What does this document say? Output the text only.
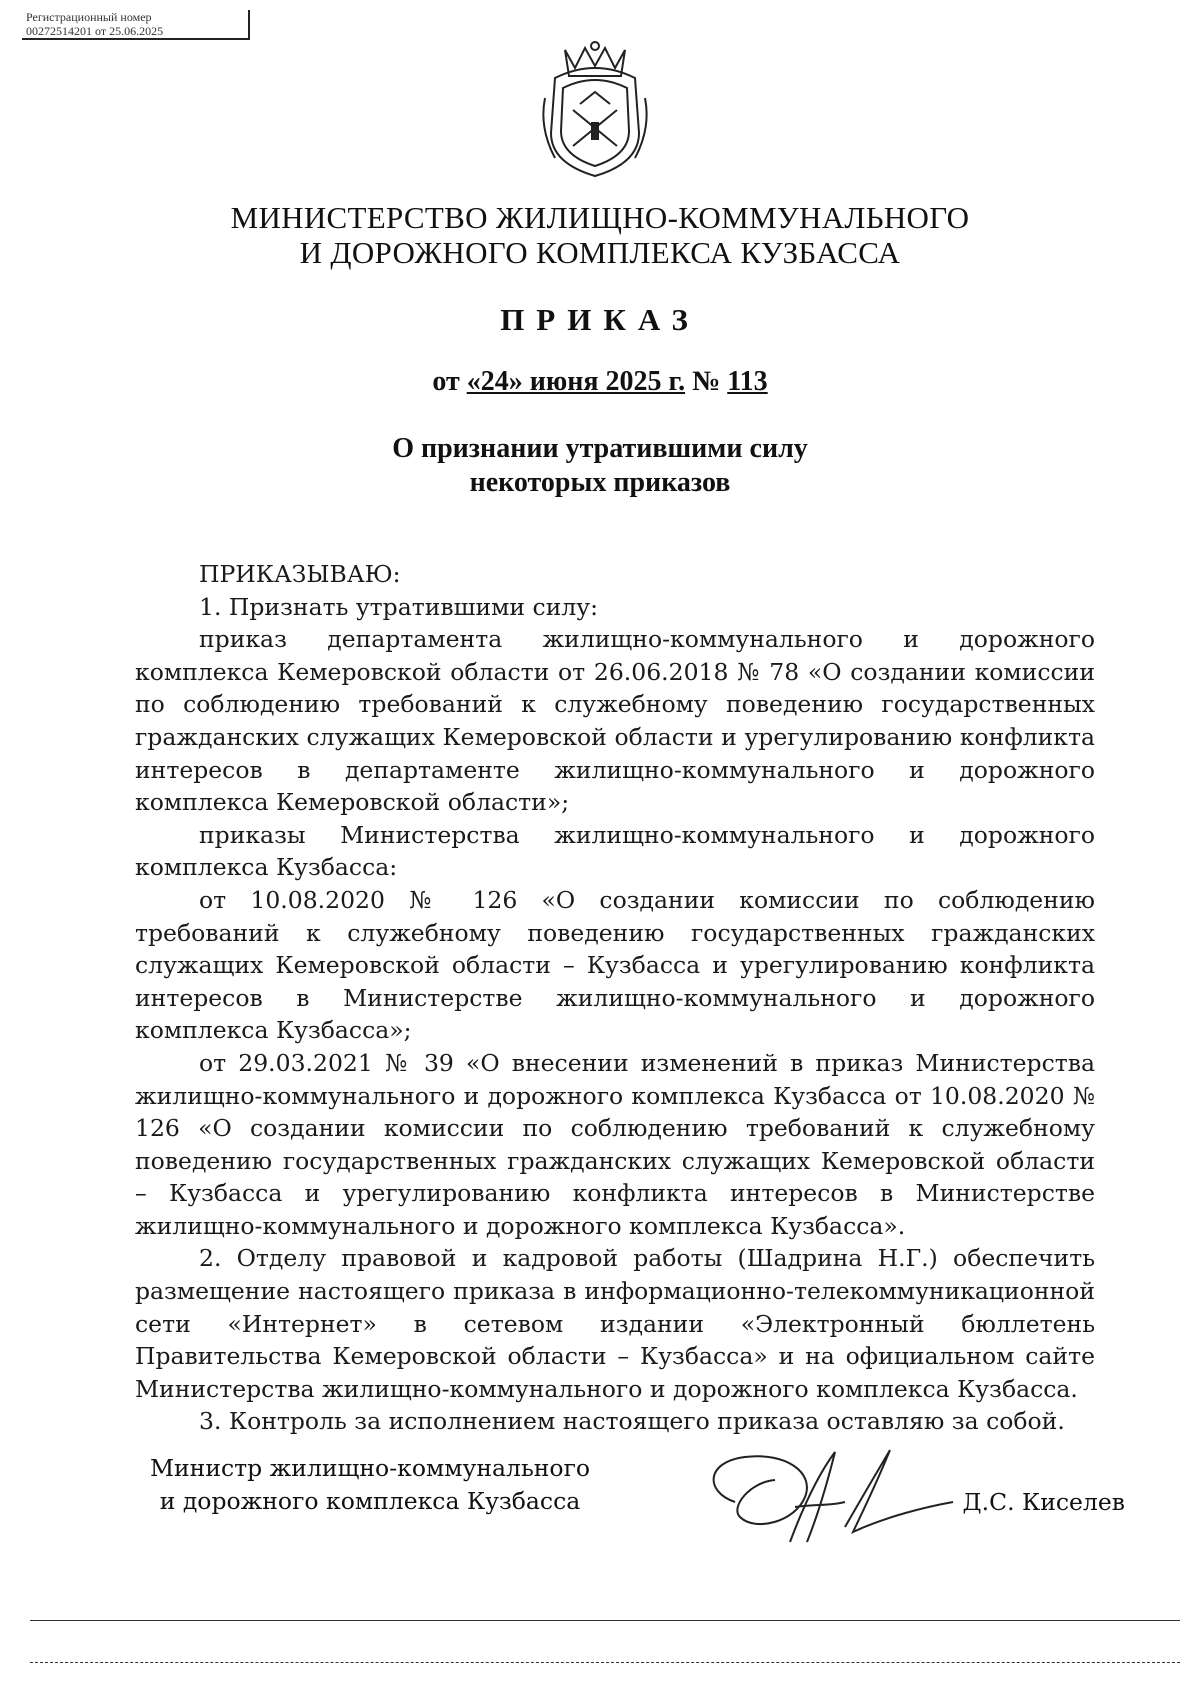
Регистрационный номер
00272514201 от 25.06.2025
МИНИСТЕРСТВО ЖИЛИЩНО-КОММУНАЛЬНОГО
И ДОРОЖНОГО КОМПЛЕКСА КУЗБАССА
ПРИКАЗ
от «24» июня 2025 г. № 113
О признании утратившими силу
некоторых приказов

ПРИКАЗЫВАЮ:

1. Признать утратившими силу:

приказ департамента жилищно-коммунального и дорожного комплекса Кемеровской области от 26.06.2018 № 78 «О создании комиссии по соблюдению требований к служебному поведению государственных гражданских служащих Кемеровской области и урегулированию конфликта интересов в департаменте жилищно-коммунального и дорожного комплекса Кемеровской области»;

приказы Министерства жилищно-коммунального и дорожного комплекса Кузбасса:

от 10.08.2020 № 126 «О создании комиссии по соблюдению требований к служебному поведению государственных гражданских служащих Кемеровской области – Кузбасса и урегулированию конфликта интересов в Министерстве жилищно-коммунального и дорожного комплекса Кузбасса»;

от 29.03.2021 № 39 «О внесении изменений в приказ Министерства жилищно-коммунального и дорожного комплекса Кузбасса от 10.08.2020 № 126 «О создании комиссии по соблюдению требований к служебному поведению государственных гражданских служащих Кемеровской области – Кузбасса и урегулированию конфликта интересов в Министерстве жилищно-коммунального и дорожного комплекса Кузбасса».

2. Отделу правовой и кадровой работы (Шадрина Н.Г.) обеспечить размещение настоящего приказа в информационно-телекоммуникационной сети «Интернет» в сетевом издании «Электронный бюллетень Правительства Кемеровской области – Кузбасса» и на официальном сайте Министерства жилищно-коммунального и дорожного комплекса Кузбасса.

3. Контроль за исполнением настоящего приказа оставляю за собой.

Министр жилищно-коммунального
и дорожного комплекса Кузбасса	Д.С. Киселев
